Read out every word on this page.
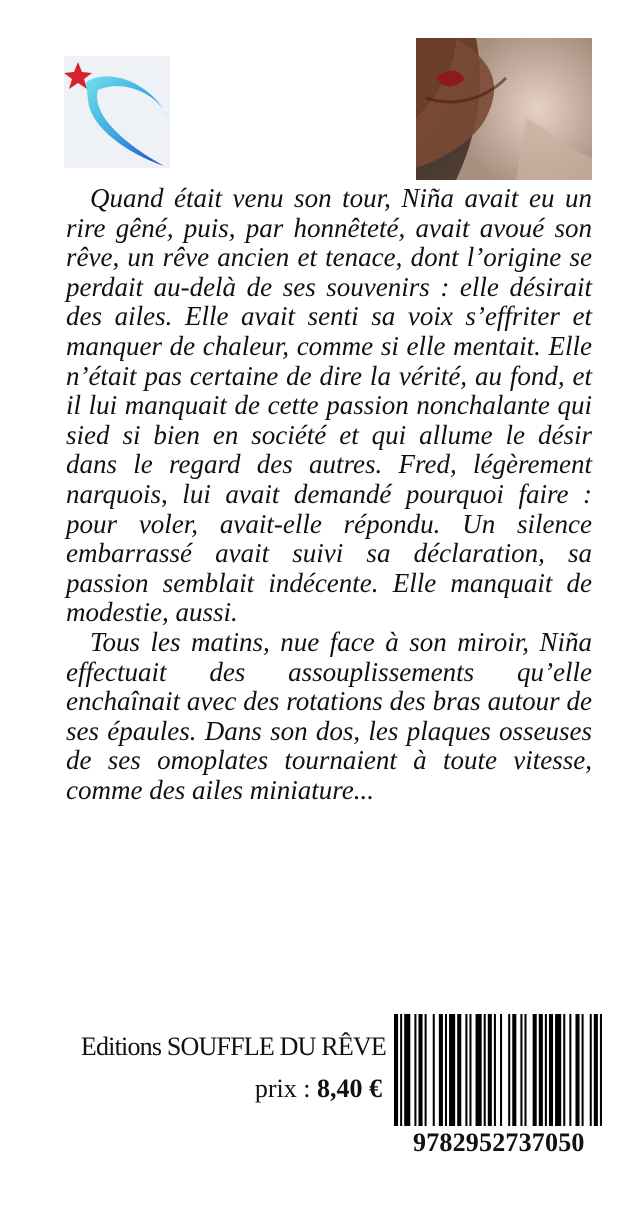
Quand était venu son tour, Niña avait eu un rire gêné, puis, par honnêteté, avait avoué son rêve, un rêve ancien et tenace, dont l’origine se perdait au-delà de ses souvenirs : elle désirait des ailes. Elle avait senti sa voix s’effriter et manquer de chaleur, comme si elle mentait. Elle n’était pas certaine de dire la vérité, au fond, et il lui manquait de cette passion nonchalante qui sied si bien en société et qui allume le désir dans le regard des autres. Fred, légèrement narquois, lui avait demandé pourquoi faire : pour voler, avait-elle répondu. Un silence embarrassé avait suivi sa déclaration, sa passion semblait indécente. Elle manquait de modestie, aussi.

Tous les matins, nue face à son miroir, Niña effectuait des assouplissements qu’elle enchaînait avec des rotations des bras autour de ses épaules. Dans son dos, les plaques osseuses de ses omoplates tournaient à toute vitesse, comme des ailes miniature...

Editions SOUFFLE DU RÊVE
prix : 8,40 €
9782952737050
